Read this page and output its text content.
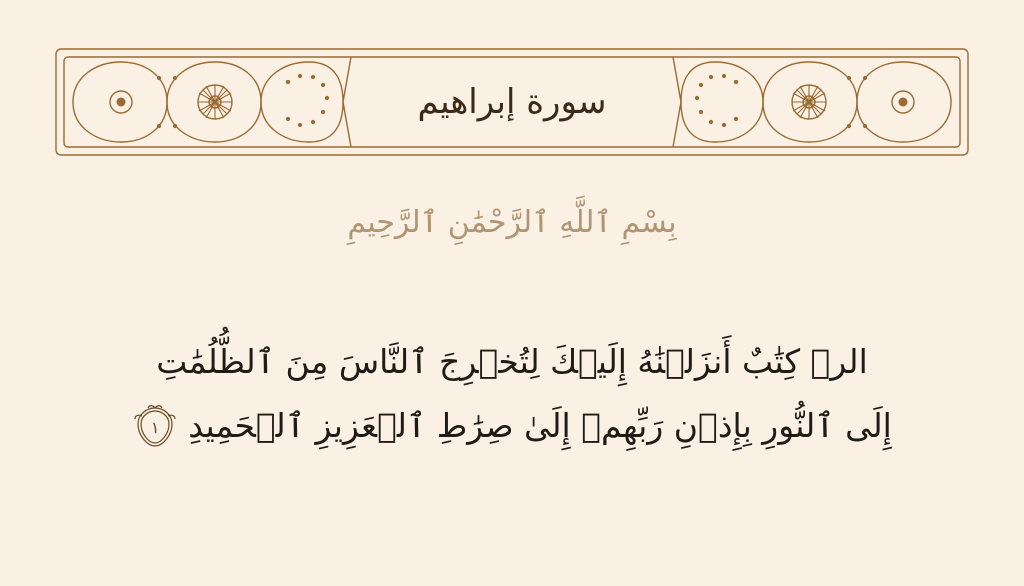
سورة إبراهيم
بِسْمِ ٱللَّهِ ٱلرَّحْمَٰنِ ٱلرَّحِيمِ
الرۡ كِتَٰبٌ أَنزَلۡنَٰهُ إِلَيۡكَ لِتُخۡرِجَ ٱلنَّاسَ مِنَ ٱلظُّلُمَٰتِ
إِلَى ٱلنُّورِ بِإِذۡنِ رَبِّهِمۡ إِلَىٰ صِرَٰطِ ٱلۡعَزِيزِ ٱلۡحَمِيدِ
١
